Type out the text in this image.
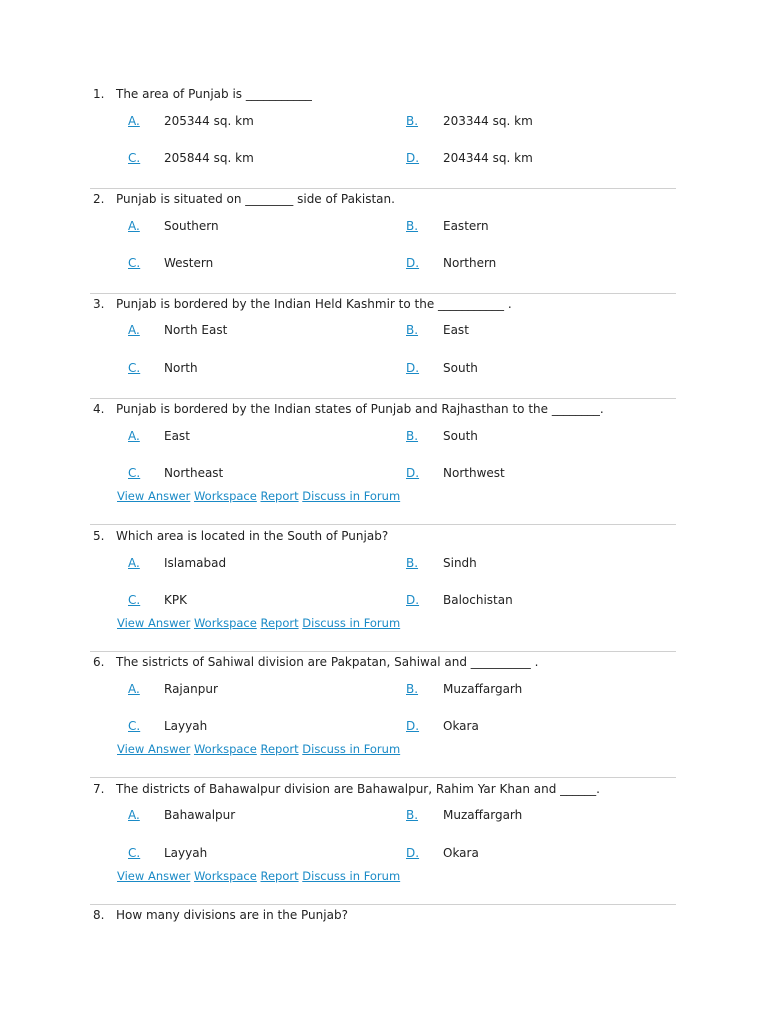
1. The area of Punjab is ___________
A. 205344 sq. km	B. 203344 sq. km
C. 205844 sq. km	D. 204344 sq. km
2. Punjab is situated on ________ side of Pakistan.
A. Southern	B. Eastern
C. Western	D. Northern
3. Punjab is bordered by the Indian Held Kashmir to the ___________ .
A. North East	B. East
C. North	D. South
4. Punjab is bordered by the Indian states of Punjab and Rajhasthan to the ________.
A. East	B. South
C. Northeast	D. Northwest
View Answer Workspace Report Discuss in Forum
5. Which area is located in the South of Punjab?
A. Islamabad	B. Sindh
C. KPK	D. Balochistan
View Answer Workspace Report Discuss in Forum
6. The sistricts of Sahiwal division are Pakpatan, Sahiwal and __________ .
A. Rajanpur	B. Muzaffargarh
C. Layyah	D. Okara
View Answer Workspace Report Discuss in Forum
7. The districts of Bahawalpur division are Bahawalpur, Rahim Yar Khan and ______.
A. Bahawalpur	B. Muzaffargarh
C. Layyah	D. Okara
View Answer Workspace Report Discuss in Forum
8. How many divisions are in the Punjab?
